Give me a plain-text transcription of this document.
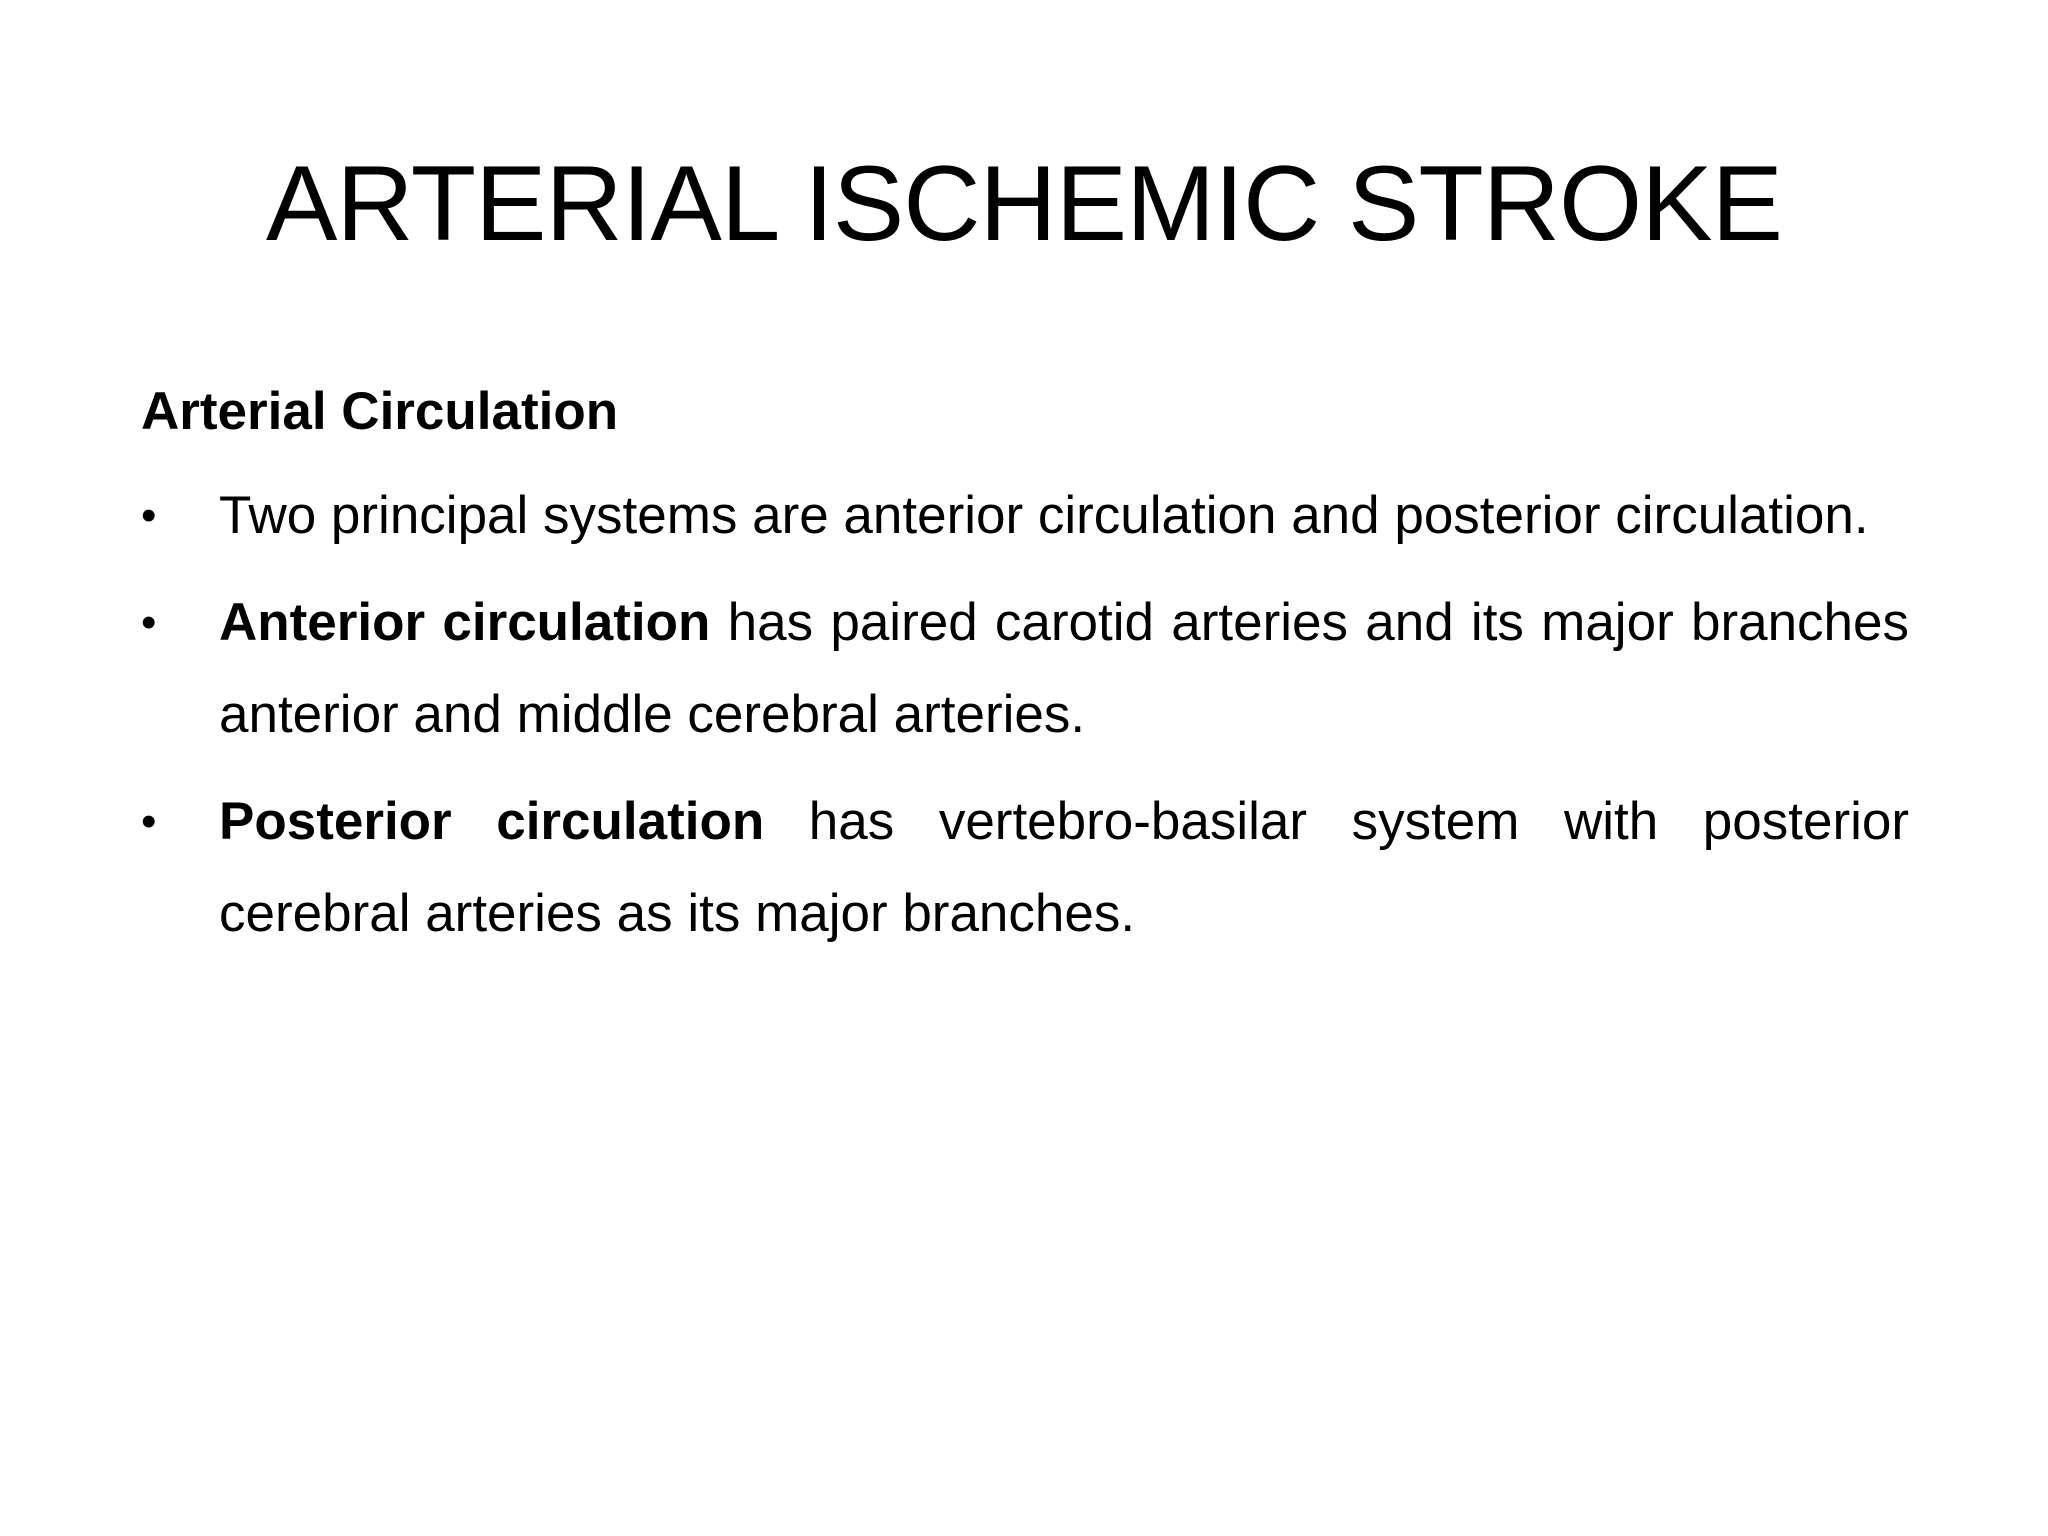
ARTERIAL ISCHEMIC STROKE

Arterial Circulation

• Two principal systems are anterior circulation and posterior circulation.
• Anterior circulation has paired carotid arteries and its major branches anterior and middle cerebral arteries.
• Posterior circulation has vertebro-basilar system with posterior cerebral arteries as its major branches.
